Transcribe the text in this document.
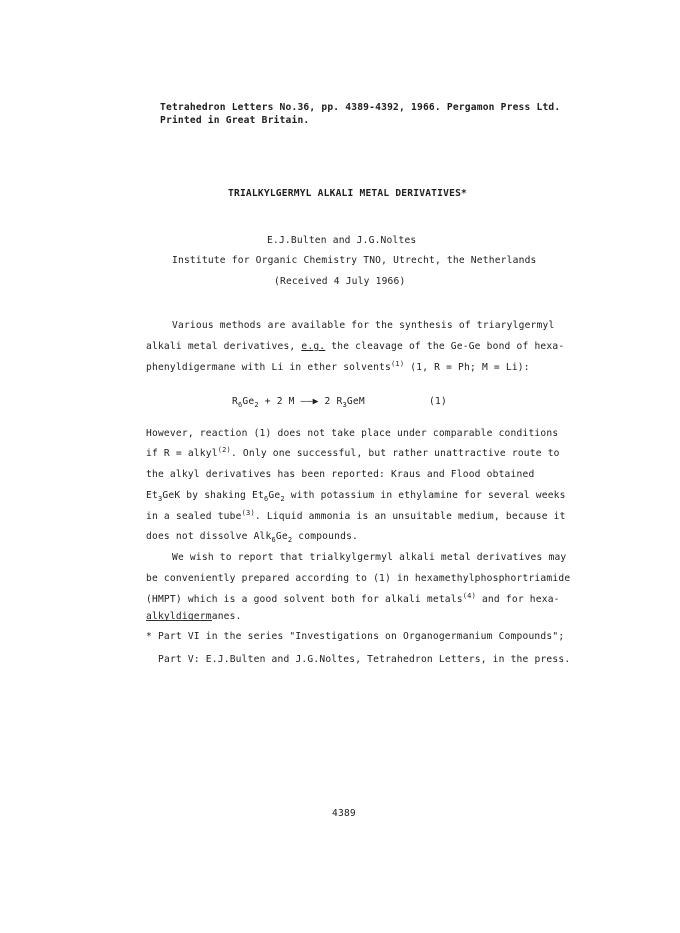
Tetrahedron Letters No.36, pp. 4389-4392, 1966. Pergamon Press Ltd.
Printed in Great Britain.
TRIALKYLGERMYL ALKALI METAL DERIVATIVES*
E.J.Bulten and J.G.Noltes
Institute for Organic Chemistry TNO, Utrecht, the Netherlands
(Received 4 July 1966)
Various methods are available for the synthesis of triarylgermyl
alkali metal derivatives, e.g. the cleavage of the Ge-Ge bond of hexa-
phenyldigermane with Li in ether solvents$^{(1)}$ (1, R = Ph; M = Li):
$R_6Ge_2 + 2$ M ——▶ 2 $R_3GeM$	(1)
However, reaction (1) does not take place under comparable conditions
if R = alkyl$^{(2)}$. Only one successful, but rather unattractive route to
the alkyl derivatives has been reported: Kraus and Flood obtained
$Et_3GeK$ by shaking $Et_6Ge_2$ with potassium in ethylamine for several weeks
in a sealed tube$^{(3)}$. Liquid ammonia is an unsuitable medium, because it
does not dissolve $Alk_6Ge_2$ compounds.
We wish to report that trialkylgermyl alkali metal derivatives may
be conveniently prepared according to (1) in hexamethylphosphortriamide
(HMPT) which is a good solvent both for alkali metals$^{(4)}$ and for hexa-
alkyldigermanes.
* Part VI in the series "Investigations on Organogermanium Compounds";
Part V: E.J.Bulten and J.G.Noltes, Tetrahedron Letters, in the press.
4389
